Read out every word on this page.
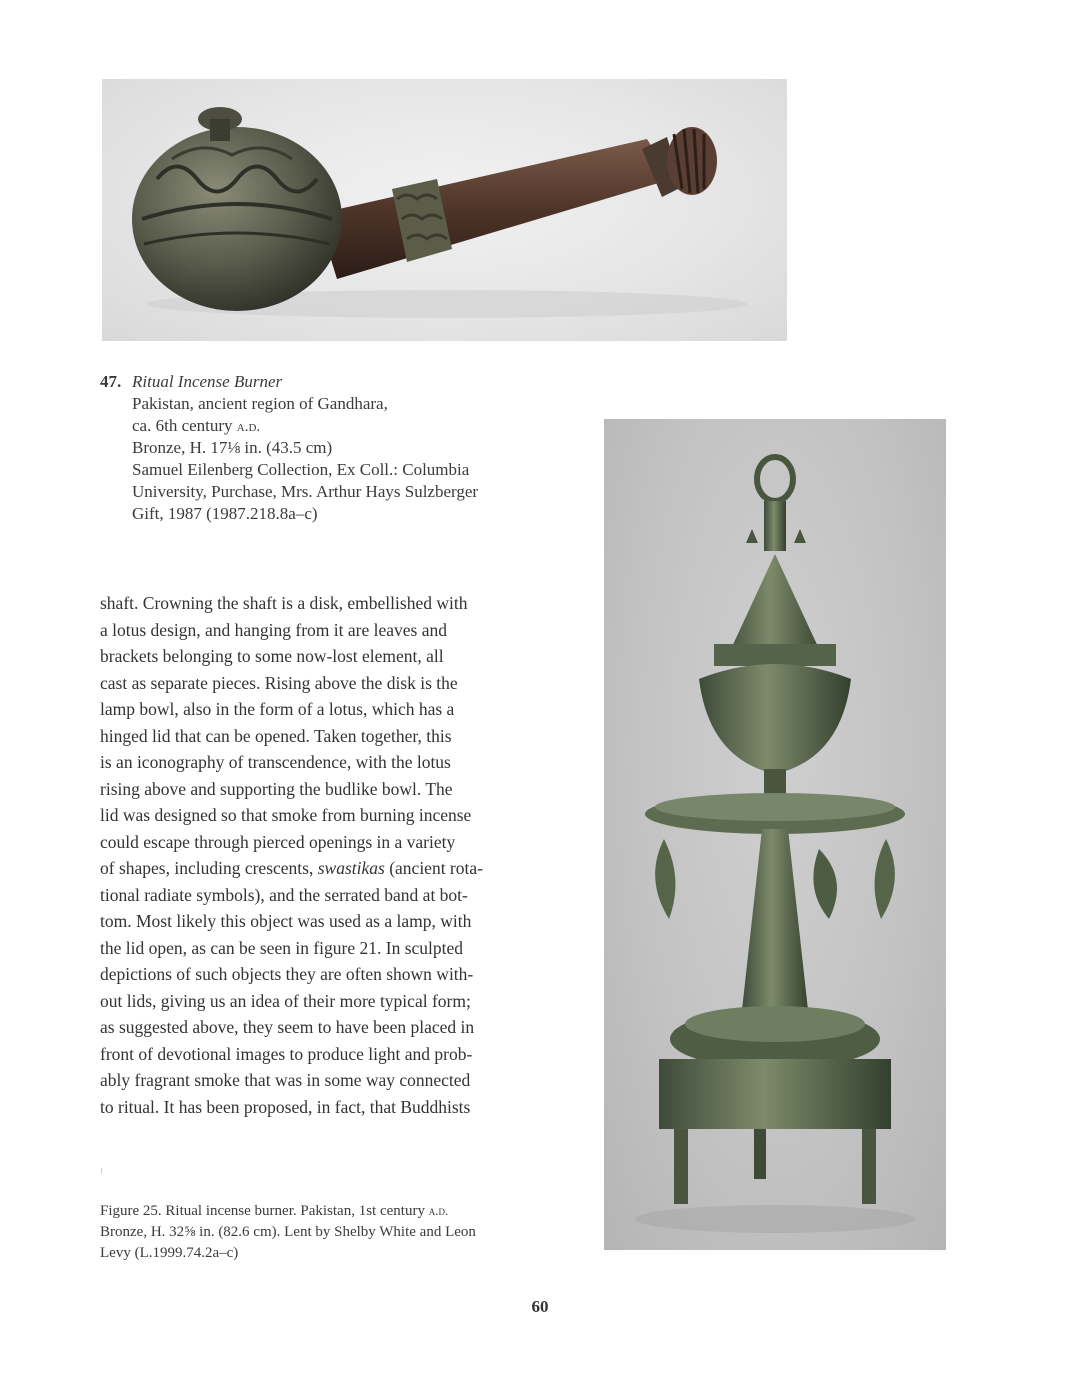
47. Ritual Incense Burner
Pakistan, ancient region of Gandhara,
ca. 6th century a.d.
Bronze, H. 17⅛ in. (43.5 cm)
Samuel Eilenberg Collection, Ex Coll.: Columbia
University, Purchase, Mrs. Arthur Hays Sulzberger
Gift, 1987 (1987.218.8a–c)
shaft. Crowning the shaft is a disk, embellished with
a lotus design, and hanging from it are leaves and
brackets belonging to some now-lost element, all
cast as separate pieces. Rising above the disk is the
lamp bowl, also in the form of a lotus, which has a
hinged lid that can be opened. Taken together, this
is an iconography of transcendence, with the lotus
rising above and supporting the budlike bowl. The
lid was designed so that smoke from burning incense
could escape through pierced openings in a variety
of shapes, including crescents, swastikas (ancient rota-
tional radiate symbols), and the serrated band at bot-
tom. Most likely this object was used as a lamp, with
the lid open, as can be seen in figure 21. In sculpted
depictions of such objects they are often shown with-
out lids, giving us an idea of their more typical form;
as suggested above, they seem to have been placed in
front of devotional images to produce light and prob-
ably fragrant smoke that was in some way connected
to ritual. It has been proposed, in fact, that Buddhists
Figure 25. Ritual incense burner. Pakistan, 1st century a.d.
Bronze, H. 32⅝ in. (82.6 cm). Lent by Shelby White and Leon
Levy (L.1999.74.2a–c)
60
